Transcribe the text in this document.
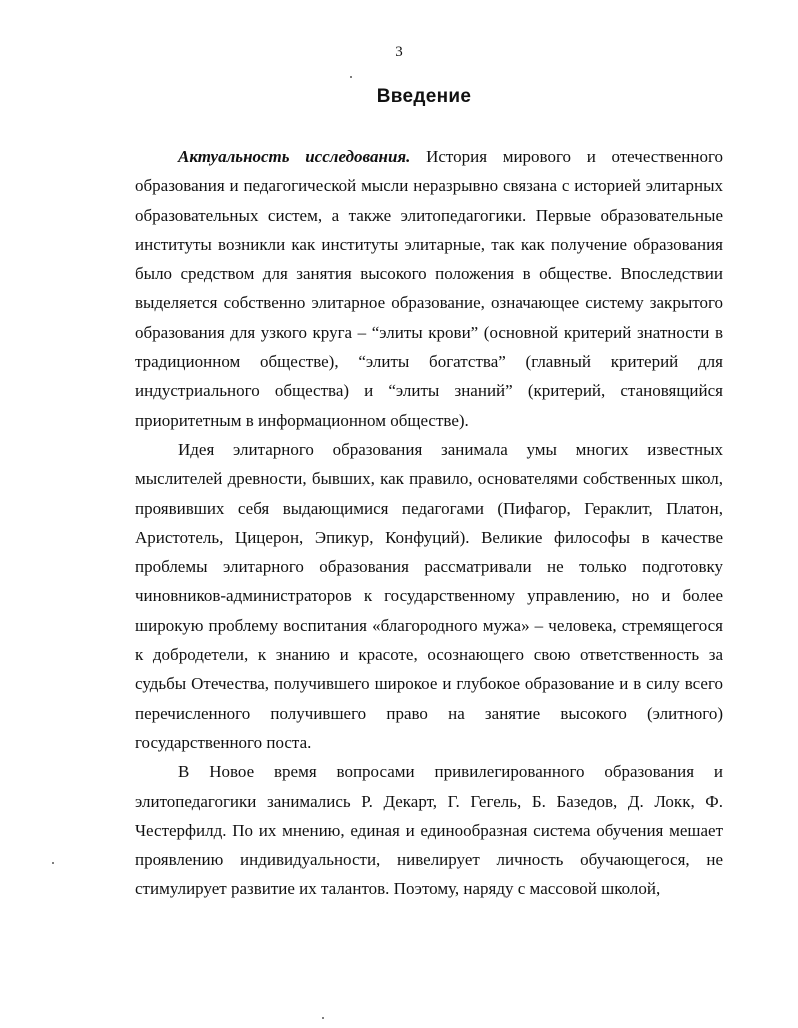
3
Введение

Актуальность исследования. История мирового и отечественного образования и педагогической мысли неразрывно связана с историей элитарных образовательных систем, а также элитопедагогики. Первые образовательные институты возникли как институты элитарные, так как получение образования было средством для занятия высокого положения в обществе. Впоследствии выделяется собственно элитарное образование, означающее систему закрытого образования для узкого круга – “элиты крови” (основной критерий знатности в традиционном обществе), “элиты богатства” (главный критерий для индустриального общества) и “элиты знаний” (критерий, становящийся приоритетным в информационном обществе).

Идея элитарного образования занимала умы многих известных мыслителей древности, бывших, как правило, основателями собственных школ, проявивших себя выдающимися педагогами (Пифагор, Гераклит, Платон, Аристотель, Цицерон, Эпикур, Конфуций). Великие философы в качестве проблемы элитарного образования рассматривали не только подготовку чиновников-администраторов к государственному управлению, но и более широкую проблему воспитания «благородного мужа» – человека, стремящегося к добродетели, к знанию и красоте, осознающего свою ответственность за судьбы Отечества, получившего широкое и глубокое образование и в силу всего перечисленного получившего право на занятие высокого (элитного) государственного поста.

В Новое время вопросами привилегированного образования и элитопедагогики занимались Р. Декарт, Г. Гегель, Б. Базедов, Д. Локк, Ф. Честерфилд. По их мнению, единая и единообразная система обучения мешает проявлению индивидуальности, нивелирует личность обучающегося, не стимулирует развитие их талантов. Поэтому, наряду с массовой школой,
